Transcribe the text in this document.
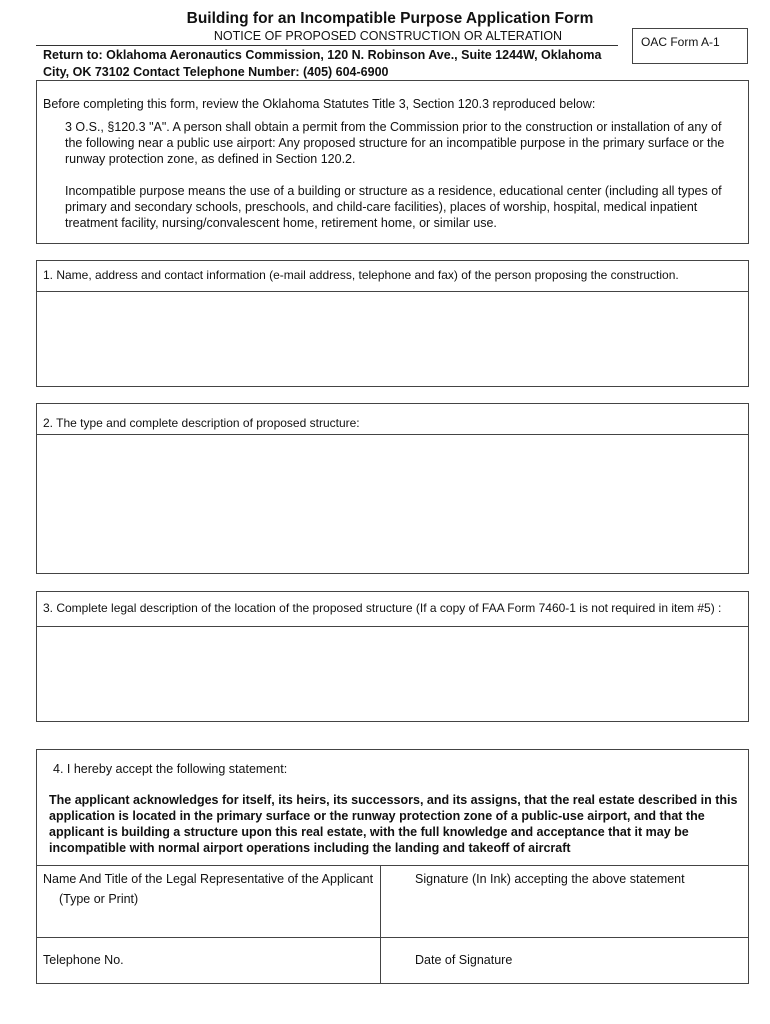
Building for an Incompatible Purpose Application Form
NOTICE OF PROPOSED CONSTRUCTION OR ALTERATION
Return to: Oklahoma Aeronautics Commission, 120 N. Robinson Ave., Suite 1244W, Oklahoma
City, OK 73102 Contact Telephone Number: (405) 604-6900
OAC Form A-1
Before completing this form, review the Oklahoma Statutes Title 3, Section 120.3 reproduced below:
3 O.S., §120.3 "A". A person shall obtain a permit from the Commission prior to the construction or installation of any of the following near a public use airport: Any proposed structure for an incompatible purpose in the primary surface or the runway protection zone, as defined in Section 120.2.
Incompatible purpose means the use of a building or structure as a residence, educational center (including all types of primary and secondary schools, preschools, and child-care facilities), places of worship, hospital, medical inpatient treatment facility, nursing/convalescent home, retirement home, or similar use.
1. Name, address and contact information (e-mail address, telephone and fax) of the person proposing the construction.
2. The type and complete description of proposed structure:
3. Complete legal description of the location of the proposed structure (If a copy of FAA Form 7460-1 is not required in item #5) :
4. I hereby accept the following statement:
The applicant acknowledges for itself, its heirs, its successors, and its assigns, that the real estate described in this application is located in the primary surface or the runway protection zone of a public-use airport, and that the applicant is building a structure upon this real estate, with the full knowledge and acceptance that it may be incompatible with normal airport operations including the landing and takeoff of aircraft
Name And Title of the Legal Representative of the Applicant
(Type or Print)
Signature (In Ink) accepting the above statement
Telephone No.	Date of Signature
